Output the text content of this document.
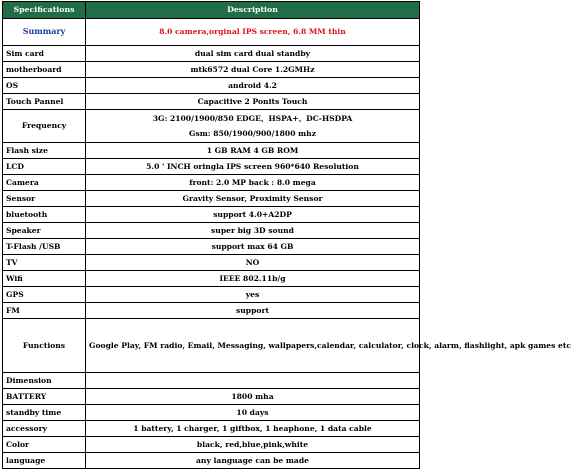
Specifications	Description
Summary	8.0 camera,orginal IPS screen, 6.8 MM thin
Sim card	dual sim card dual standby
motherboard	mtk6572 dual Core 1.2GMHz
OS	android 4.2
Touch Pannel	Capacitive 2 Ponits Touch
Frequency	3G: 2100/1900/850 EDGE、HSPA+、DC-HSDPA
Gsm: 850/1900/900/1800 mhz

Flash size	1 GB RAM 4 GB ROM
LCD	5.0 ' INCH oringla IPS screen 960*640 Resolution
Camera	front: 2.0 MP back : 8.0 mega
Sensor	Gravity Sensor, Proximity Sensor
bluetooth	support 4.0+A2DP
Speaker	super big 3D sound
T-Flash /USB	support max 64 GB
TV	NO
Wifi	IEEE 802.11b/g
GPS	yes
FM	support
Functions	Google Play, FM radio, Email, Messaging, wallpapers,calendar, calculator, clock, alarm, flashlight, apk games etc
Dimension	
BATTERY	1800 mha
standby time	10 days
accessory	1 battery, 1 charger, 1 giftbox, 1 heaphone, 1 data cable
Color	black, red,blue,pink,white
language	any language can be made
